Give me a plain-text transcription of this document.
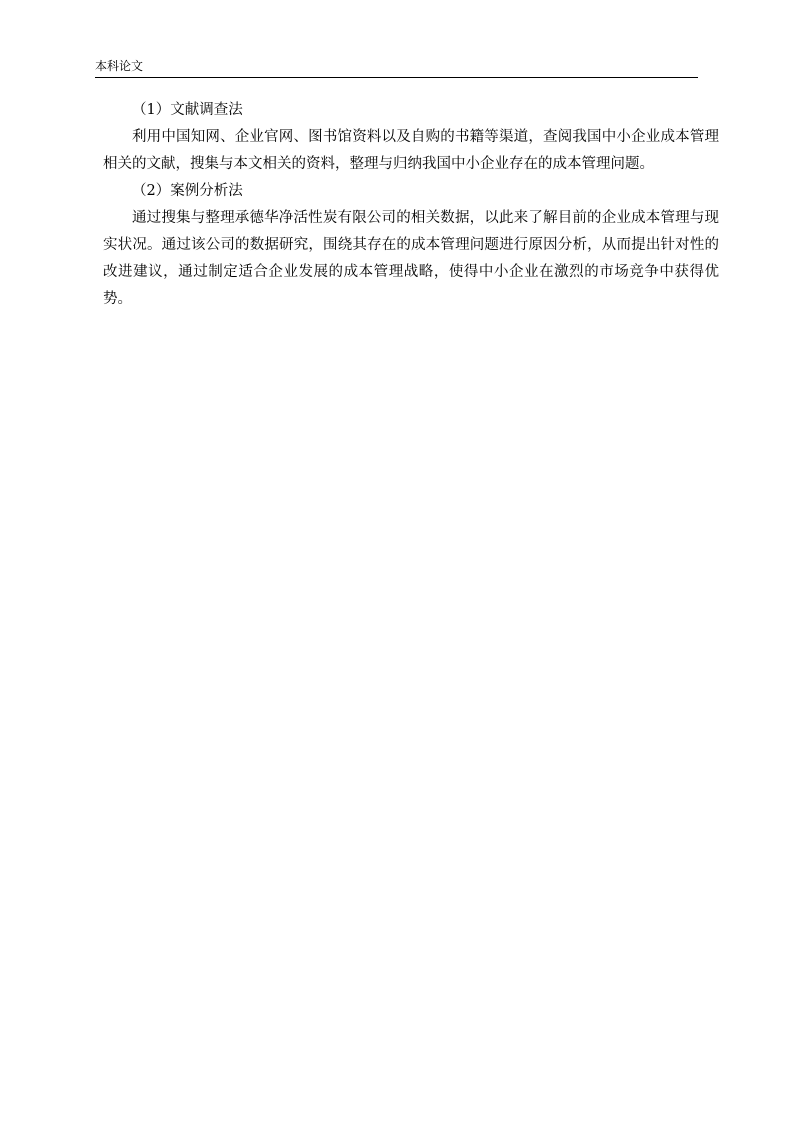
本科论文

（1）文献调查法

利用中国知网、企业官网、图书馆资料以及自购的书籍等渠道，查阅我国中小企业成本管理相关的文献，搜集与本文相关的资料，整理与归纳我国中小企业存在的成本管理问题。

（2）案例分析法

通过搜集与整理承德华净活性炭有限公司的相关数据，以此来了解目前的企业成本管理与现实状况。通过该公司的数据研究，围绕其存在的成本管理问题进行原因分析，从而提出针对性的改进建议，通过制定适合企业发展的成本管理战略，使得中小企业在激烈的市场竞争中获得优势。
